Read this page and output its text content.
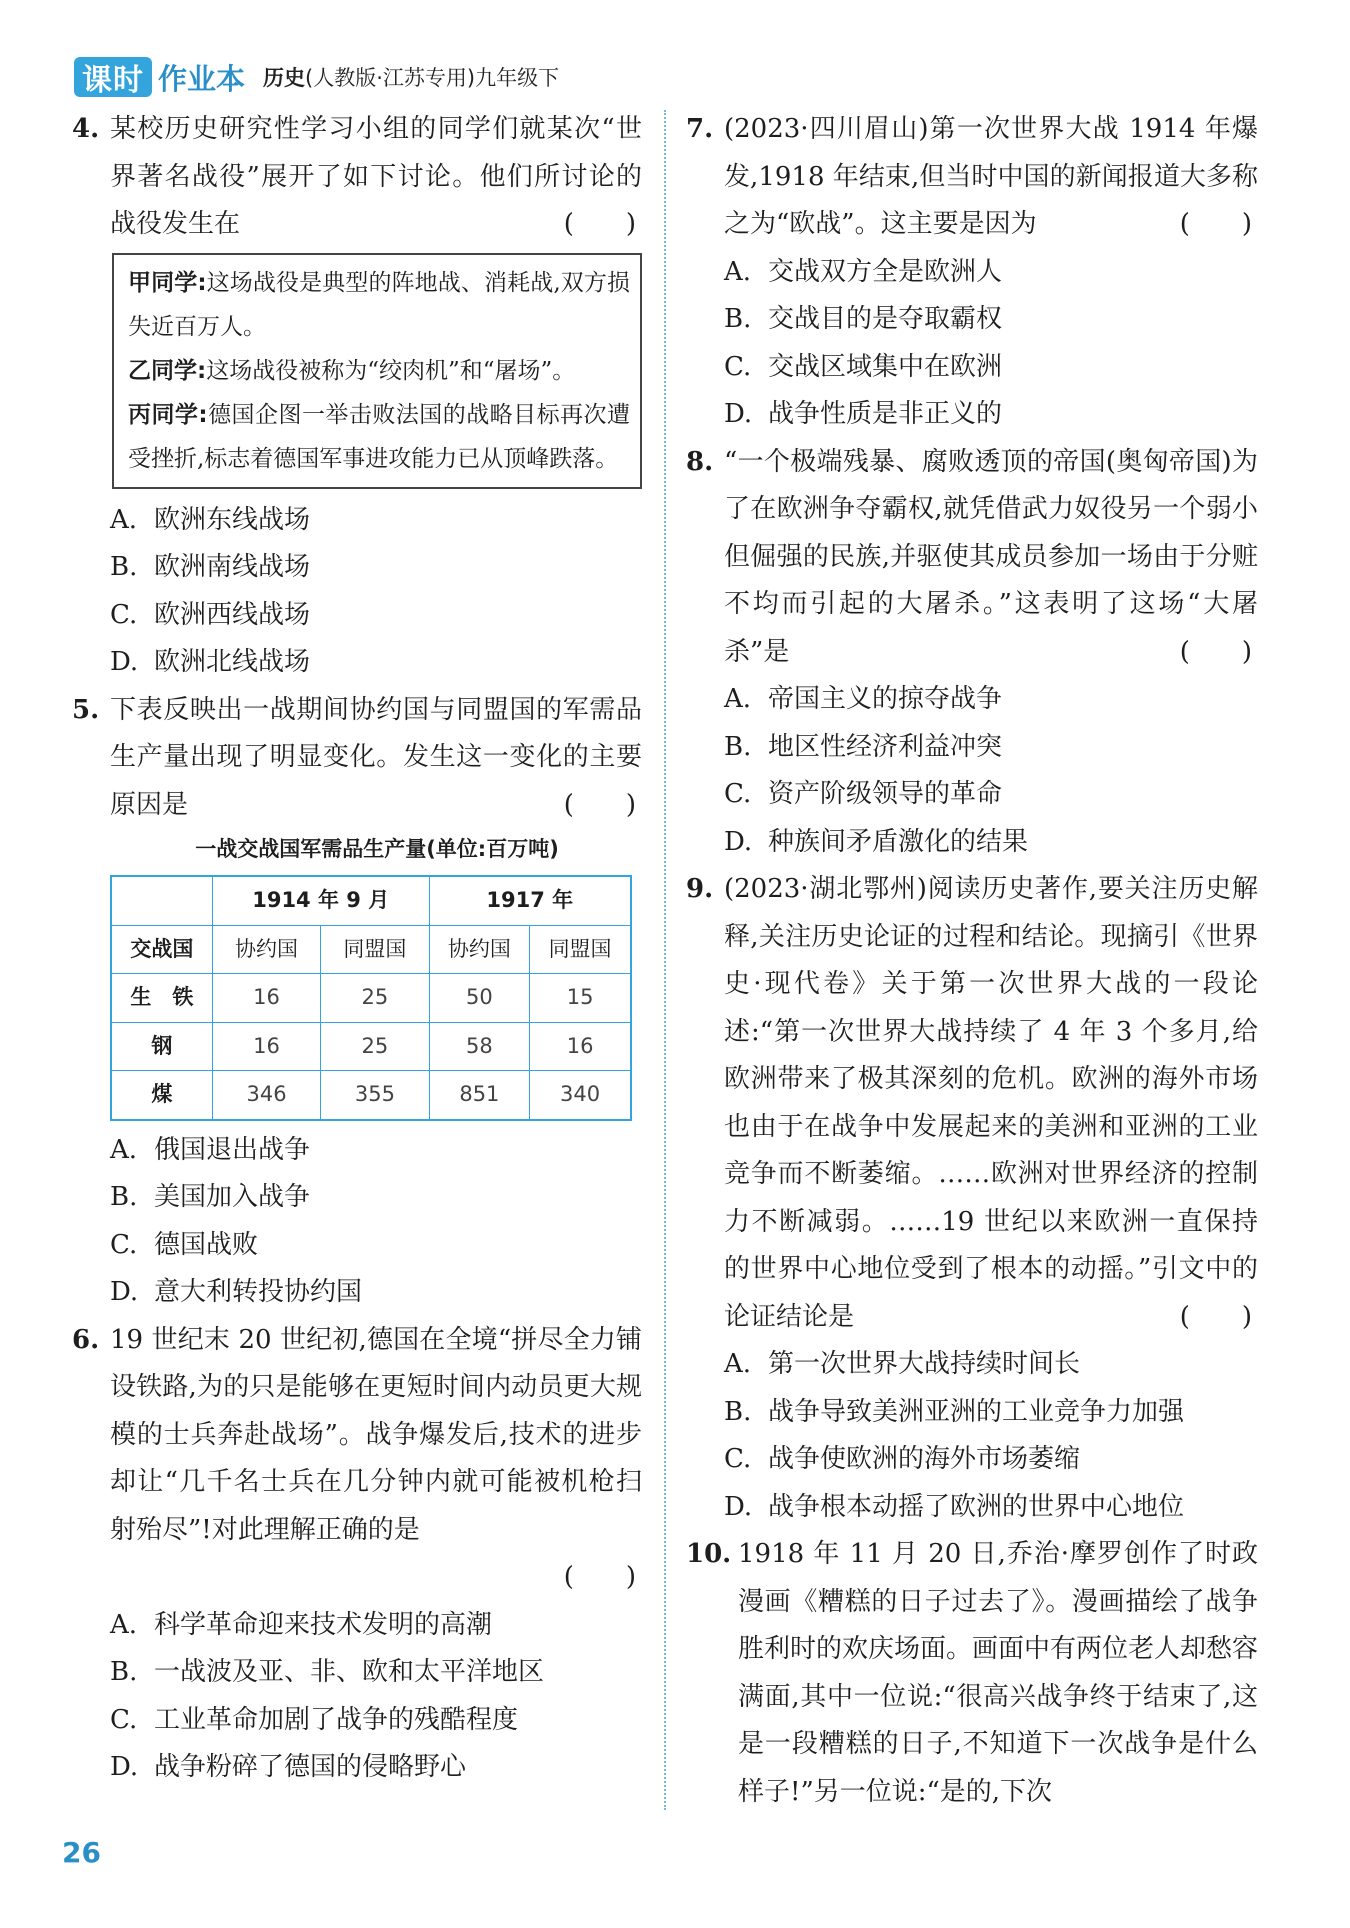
课时 作业本 历史(人教版·江苏专用)九年级下
4. 某校历史研究性学习小组的同学们就某次“世界著名战役”展开了如下讨论。他们所讨论的战役发生在	(　　)
甲同学:这场战役是典型的阵地战、消耗战,双方损失近百万人。
乙同学:这场战役被称为“绞肉机”和“屠场”。
丙同学:德国企图一举击败法国的战略目标再次遭受挫折,标志着德国军事进攻能力已从顶峰跌落。
A. 欧洲东线战场
B. 欧洲南线战场
C. 欧洲西线战场
D. 欧洲北线战场
5. 下表反映出一战期间协约国与同盟国的军需品生产量出现了明显变化。发生这一变化的主要原因是	(　　)
一战交战国军需品生产量(单位:百万吨)
	1914 年 9 月		1917 年	
交战国	协约国	同盟国	协约国	同盟国
生　铁	16	25	50	15
钢	16	25	58	16
煤	346	355	851	340
A. 俄国退出战争
B. 美国加入战争
C. 德国战败
D. 意大利转投协约国
6. 19 世纪末 20 世纪初,德国在全境“拼尽全力铺设铁路,为的只是能够在更短时间内动员更大规模的士兵奔赴战场”。战争爆发后,技术的进步却让“几千名士兵在几分钟内就可能被机枪扫射殆尽”!对此理解正确的是
(　　)
A. 科学革命迎来技术发明的高潮
B. 一战波及亚、非、欧和太平洋地区
C. 工业革命加剧了战争的残酷程度
D. 战争粉碎了德国的侵略野心
7. (2023·四川眉山)第一次世界大战 1914 年爆发,1918 年结束,但当时中国的新闻报道大多称之为“欧战”。这主要是因为	(　　)
A. 交战双方全是欧洲人
B. 交战目的是夺取霸权
C. 交战区域集中在欧洲
D. 战争性质是非正义的
8. “一个极端残暴、腐败透顶的帝国(奥匈帝国)为了在欧洲争夺霸权,就凭借武力奴役另一个弱小但倔强的民族,并驱使其成员参加一场由于分赃不均而引起的大屠杀。”这表明了这场“大屠杀”是	(　　)
A. 帝国主义的掠夺战争
B. 地区性经济利益冲突
C. 资产阶级领导的革命
D. 种族间矛盾激化的结果
9. (2023·湖北鄂州)阅读历史著作,要关注历史解释,关注历史论证的过程和结论。现摘引《世界史·现代卷》关于第一次世界大战的一段论述:“第一次世界大战持续了 4 年 3 个多月,给欧洲带来了极其深刻的危机。欧洲的海外市场也由于在战争中发展起来的美洲和亚洲的工业竞争而不断萎缩。……欧洲对世界经济的控制力不断减弱。……19 世纪以来欧洲一直保持的世界中心地位受到了根本的动摇。”引文中的论证结论是	(　　)
A. 第一次世界大战持续时间长
B. 战争导致美洲亚洲的工业竞争力加强
C. 战争使欧洲的海外市场萎缩
D. 战争根本动摇了欧洲的世界中心地位
10. 1918 年 11 月 20 日,乔治·摩罗创作了时政漫画《糟糕的日子过去了》。漫画描绘了战争胜利时的欢庆场面。画面中有两位老人却愁容满面,其中一位说:“很高兴战争终于结束了,这是一段糟糕的日子,不知道下一次战争是什么样子!”另一位说:“是的,下次
26
